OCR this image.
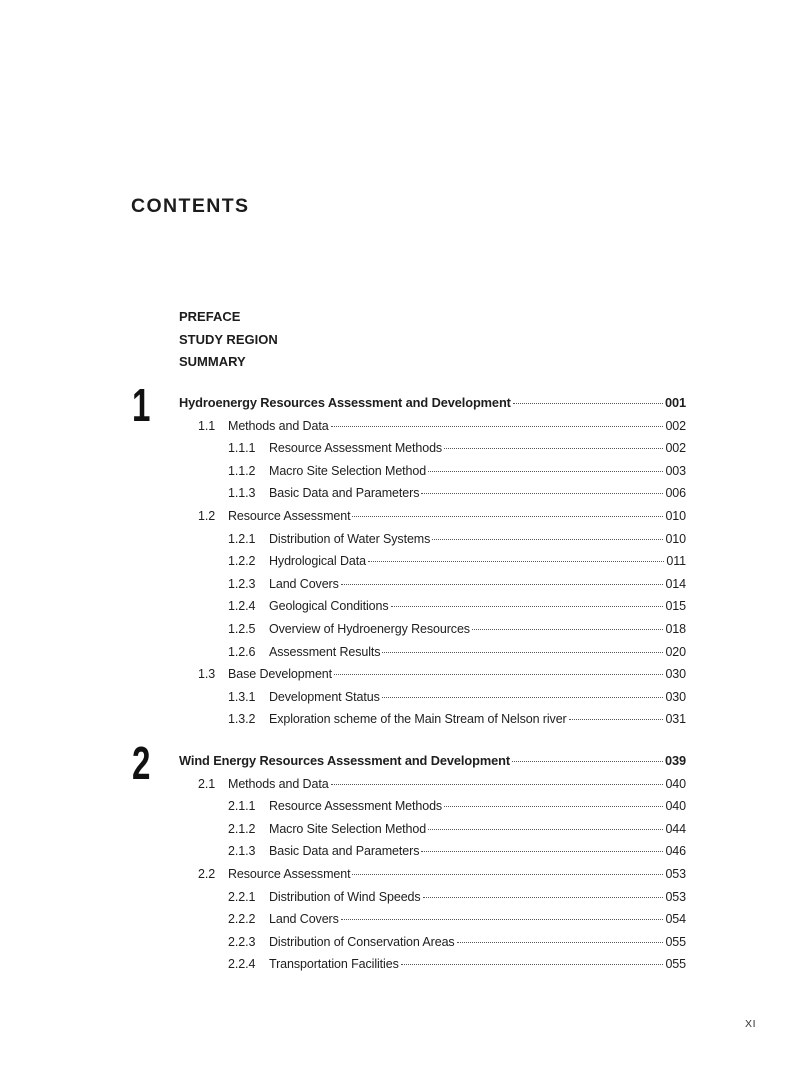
CONTENTS
PREFACE
STUDY REGION
SUMMARY
1 Hydroenergy Resources Assessment and Development	001
1.1	Methods and Data	002
1.1.1	Resource Assessment Methods	002
1.1.2	Macro Site Selection Method	003
1.1.3	Basic Data and Parameters	006
1.2	Resource Assessment	010
1.2.1	Distribution of Water Systems	010
1.2.2	Hydrological Data	011
1.2.3	Land Covers	014
1.2.4	Geological Conditions	015
1.2.5	Overview of Hydroenergy Resources	018
1.2.6	Assessment Results	020
1.3	Base Development	030
1.3.1	Development Status	030
1.3.2	Exploration scheme of the Main Stream of Nelson river	031
2 Wind Energy Resources Assessment and Development	039
2.1	Methods and Data	040
2.1.1	Resource Assessment Methods	040
2.1.2	Macro Site Selection Method	044
2.1.3	Basic Data and Parameters	046
2.2	Resource Assessment	053
2.2.1	Distribution of Wind Speeds	053
2.2.2	Land Covers	054
2.2.3	Distribution of Conservation Areas	055
2.2.4	Transportation Facilities	055
XI
